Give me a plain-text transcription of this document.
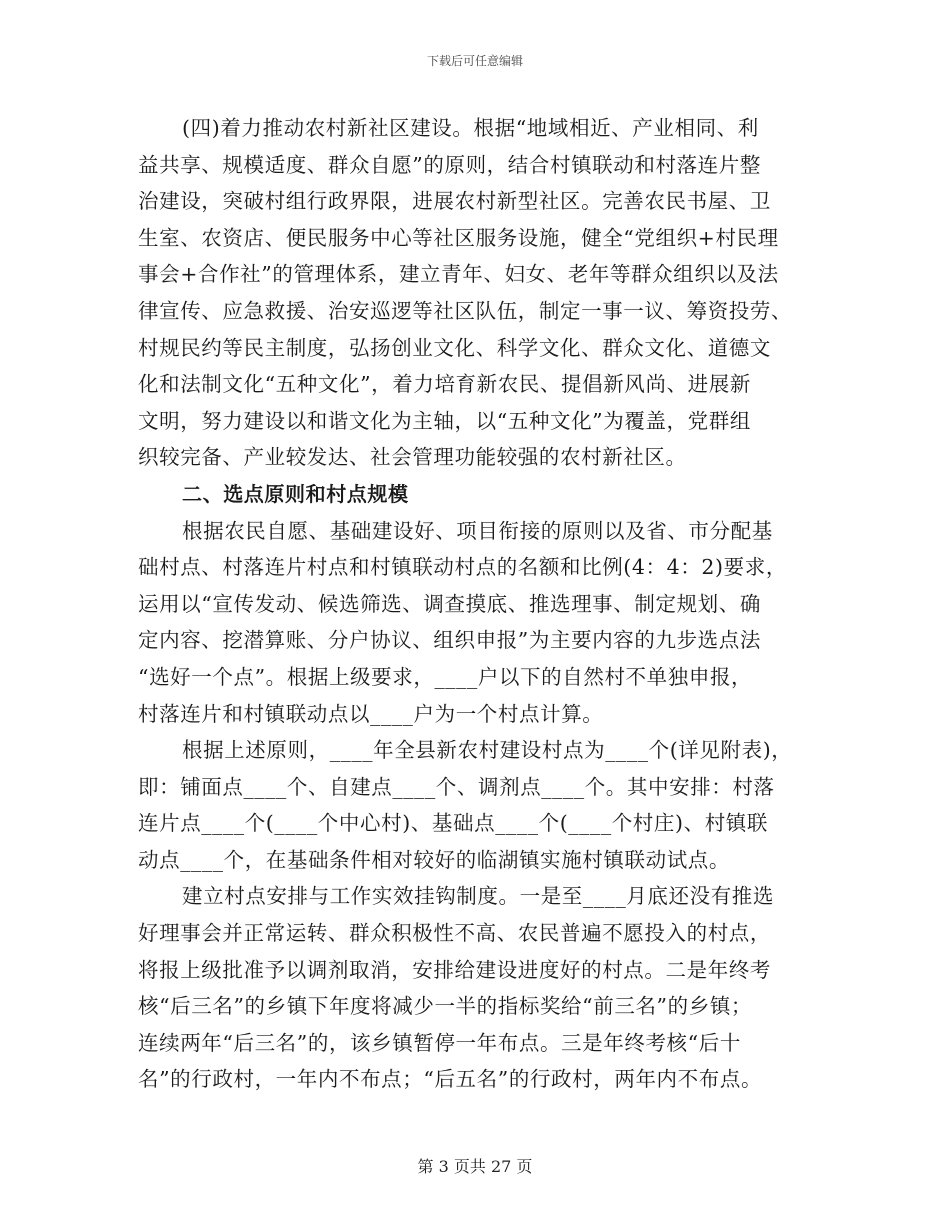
下载后可任意编辑
(四)着力推动农村新社区建设。根据“地域相近、产业相同、利
益共享、规模适度、群众自愿”的原则，结合村镇联动和村落连片整
治建设，突破村组行政界限，进展农村新型社区。完善农民书屋、卫
生室、农资店、便民服务中心等社区服务设施，健全“党组织+村民理
事会+合作社”的管理体系，建立青年、妇女、老年等群众组织以及法
律宣传、应急救援、治安巡逻等社区队伍，制定一事一议、筹资投劳、
村规民约等民主制度，弘扬创业文化、科学文化、群众文化、道德文
化和法制文化“五种文化”，着力培育新农民、提倡新风尚、进展新
文明，努力建设以和谐文化为主轴，以“五种文化”为覆盖，党群组
织较完备、产业较发达、社会管理功能较强的农村新社区。
二、选点原则和村点规模
根据农民自愿、基础建设好、项目衔接的原则以及省、市分配基
础村点、村落连片村点和村镇联动村点的名额和比例(4：4：2)要求，
运用以“宣传发动、候选筛选、调查摸底、推选理事、制定规划、确
定内容、挖潜算账、分户协议、组织申报”为主要内容的九步选点法
“选好一个点”。根据上级要求，____户以下的自然村不单独申报，
村落连片和村镇联动点以____户为一个村点计算。
根据上述原则，____年全县新农村建设村点为____个(详见附表)，
即：铺面点____个、自建点____个、调剂点____个。其中安排：村落
连片点____个(____个中心村)、基础点____个(____个村庄)、村镇联
动点____个，在基础条件相对较好的临湖镇实施村镇联动试点。
建立村点安排与工作实效挂钩制度。一是至____月底还没有推选
好理事会并正常运转、群众积极性不高、农民普遍不愿投入的村点，
将报上级批准予以调剂取消，安排给建设进度好的村点。二是年终考
核“后三名”的乡镇下年度将减少一半的指标奖给“前三名”的乡镇；
连续两年“后三名”的，该乡镇暂停一年布点。三是年终考核“后十
名”的行政村，一年内不布点；“后五名”的行政村，两年内不布点。
第 3 页共 27 页
